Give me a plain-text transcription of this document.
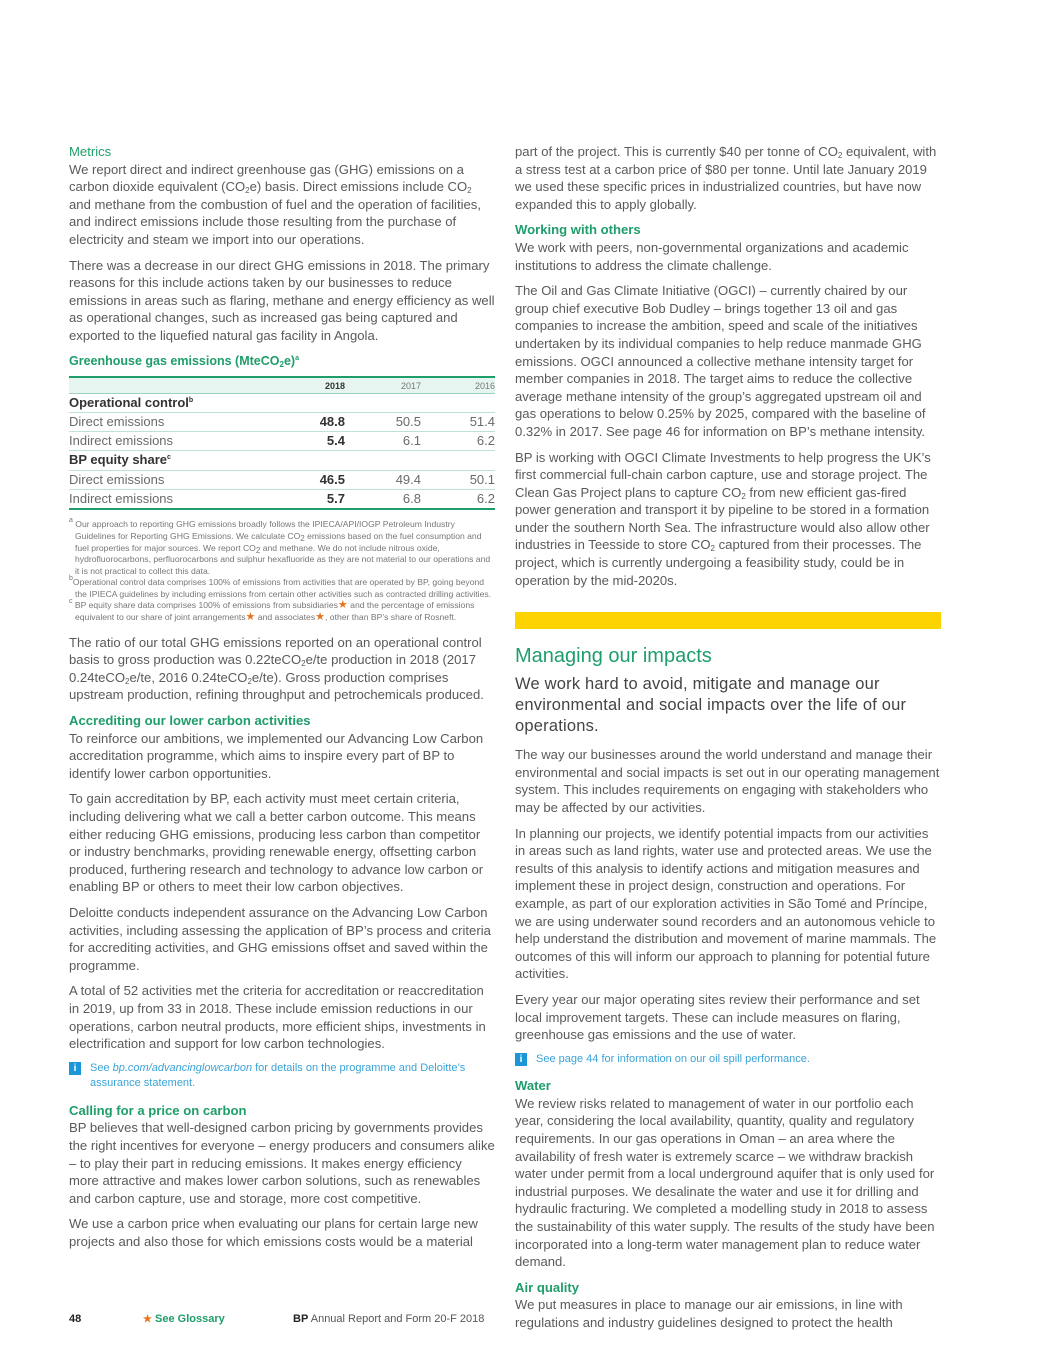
Metrics

We report direct and indirect greenhouse gas (GHG) emissions on a carbon dioxide equivalent $(CO_2e)$ basis. Direct emissions include $CO_2$ and methane from the combustion of fuel and the operation of facilities, and indirect emissions include those resulting from the purchase of electricity and steam we import into our operations.

There was a decrease in our direct GHG emissions in 2018. The primary reasons for this include actions taken by our businesses to reduce emissions in areas such as flaring, methane and energy efficiency as well as operational changes, such as increased gas being captured and exported to the liquefied natural gas facility in Angola.

Greenhouse gas emissions (MteCO$_2$e)$^a$
	2018	2017	2016
Operational control$^b$
Direct emissions	48.8	50.5	51.4
Indirect emissions	5.4	6.1	6.2
BP equity share$^c$
Direct emissions	46.5	49.4	50.1
Indirect emissions	5.7	6.8	6.2

$^a$ Our approach to reporting GHG emissions broadly follows the IPIECA/API/IOGP Petroleum Industry Guidelines for Reporting GHG Emissions. We calculate $CO_2$ emissions based on the fuel consumption and fuel properties for major sources. We report $CO_2$ and methane. We do not include nitrous oxide, hydrofluorocarbons, perfluorocarbons and sulphur hexafluoride as they are not material to our operations and it is not practical to collect this data.

$^b$Operational control data comprises 100% of emissions from activities that are operated by BP, going beyond the IPIECA guidelines by including emissions from certain other activities such as contracted drilling activities.

$^c$ BP equity share data comprises 100% of emissions from subsidiaries★ and the percentage of emissions equivalent to our share of joint arrangements★ and associates★, other than BP’s share of Rosneft.

The ratio of our total GHG emissions reported on an operational control basis to gross production was 0.22teCO$_2$e/te production in 2018 (2017 0.24teCO$_2$e/te, 2016 0.24teCO$_2$e/te). Gross production comprises upstream production, refining throughput and petrochemicals produced.

Accrediting our lower carbon activities

To reinforce our ambitions, we implemented our Advancing Low Carbon accreditation programme, which aims to inspire every part of BP to identify lower carbon opportunities.

To gain accreditation by BP, each activity must meet certain criteria, including delivering what we call a better carbon outcome. This means either reducing GHG emissions, producing less carbon than competitor or industry benchmarks, providing renewable energy, offsetting carbon produced, furthering research and technology to advance low carbon or enabling BP or others to meet their low carbon objectives.

Deloitte conducts independent assurance on the Advancing Low Carbon activities, including assessing the application of BP’s process and criteria for accrediting activities, and GHG emissions offset and saved within the programme.

A total of 52 activities met the criteria for accreditation or reaccreditation in 2019, up from 33 in 2018. These include emission reductions in our operations, carbon neutral products, more efficient ships, investments in electrification and support for low carbon technologies.

i	See bp.com/advancinglowcarbon for details on the programme and Deloitte’s assurance statement.
Calling for a price on carbon

BP believes that well-designed carbon pricing by governments provides the right incentives for everyone – energy producers and consumers alike – to play their part in reducing emissions. It makes energy efficiency more attractive and makes lower carbon solutions, such as renewables and carbon capture, use and storage, more cost competitive.

We use a carbon price when evaluating our plans for certain large new projects and also those for which emissions costs would be a material

part of the project. This is currently $40 per tonne of $CO_2$ equivalent, with a stress test at a carbon price of $80 per tonne. Until late January 2019 we used these specific prices in industrialized countries, but have now expanded this to apply globally.

Working with others

We work with peers, non-governmental organizations and academic institutions to address the climate challenge.

The Oil and Gas Climate Initiative (OGCI) – currently chaired by our group chief executive Bob Dudley – brings together 13 oil and gas companies to increase the ambition, speed and scale of the initiatives undertaken by its individual companies to help reduce manmade GHG emissions. OGCI announced a collective methane intensity target for member companies in 2018. The target aims to reduce the collective average methane intensity of the group’s aggregated upstream oil and gas operations to below 0.25% by 2025, compared with the baseline of 0.32% in 2017. See page 46 for information on BP’s methane intensity.

BP is working with OGCI Climate Investments to help progress the UK’s first commercial full-chain carbon capture, use and storage project. The Clean Gas Project plans to capture $CO_2$ from new efficient gas-fired power generation and transport it by pipeline to be stored in a formation under the southern North Sea. The infrastructure would also allow other industries in Teesside to store $CO_2$ captured from their processes. The project, which is currently undergoing a feasibility study, could be in operation by the mid-2020s.

Managing our impacts
We work hard to avoid, mitigate and manage our environmental and social impacts over the life of our operations.

The way our businesses around the world understand and manage their environmental and social impacts is set out in our operating management system. This includes requirements on engaging with stakeholders who may be affected by our activities.

In planning our projects, we identify potential impacts from our activities in areas such as land rights, water use and protected areas. We use the results of this analysis to identify actions and mitigation measures and implement these in project design, construction and operations. For example, as part of our exploration activities in São Tomé and Príncipe, we are using underwater sound recorders and an autonomous vehicle to help understand the distribution and movement of marine mammals. The outcomes of this will inform our approach to planning for potential future activities.

Every year our major operating sites review their performance and set local improvement targets. These can include measures on flaring, greenhouse gas emissions and the use of water.

i	See page 44 for information on our oil spill performance.
Water

We review risks related to management of water in our portfolio each year, considering the local availability, quantity, quality and regulatory requirements. In our gas operations in Oman – an area where the availability of fresh water is extremely scarce – we withdraw brackish water under permit from a local underground aquifer that is only used for industrial purposes. We desalinate the water and use it for drilling and hydraulic fracturing. We completed a modelling study in 2018 to assess the sustainability of this water supply. The results of the study have been incorporated into a long-term water management plan to reduce water demand.

Air quality

We put measures in place to manage our air emissions, in line with regulations and industry guidelines designed to protect the health

48	★ See Glossary	BP Annual Report and Form 20-F 2018
